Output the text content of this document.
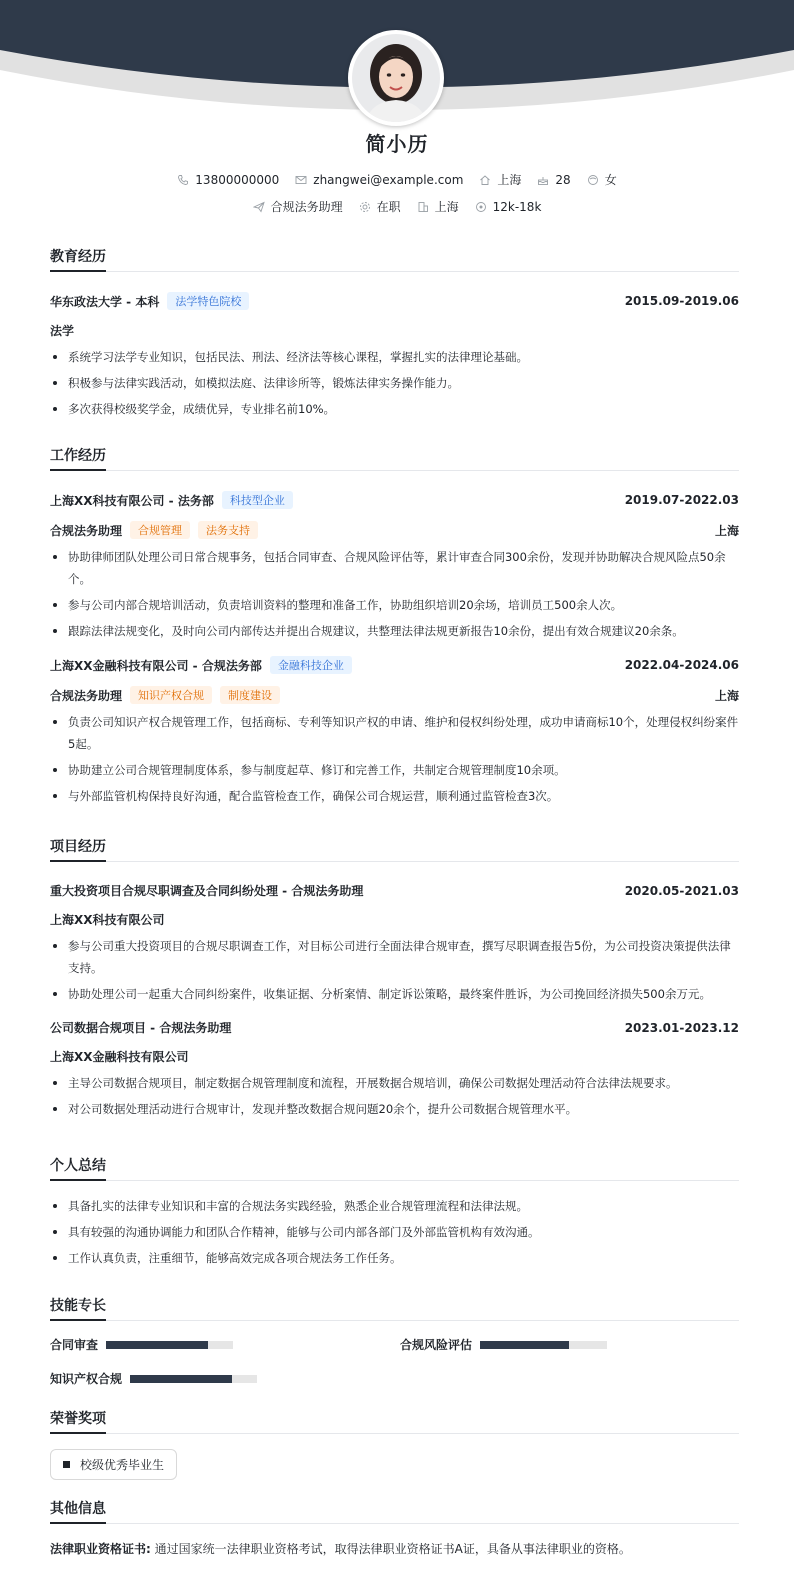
简小历
13800000000	zhangwei@example.com	上海	28	女
合规法务助理	在职	上海	12k-18k
教育经历
华东政法大学 - 本科	法学特色院校	2015.09-2019.06
法学
系统学习法学专业知识，包括民法、刑法、经济法等核心课程，掌握扎实的法律理论基础。
积极参与法律实践活动，如模拟法庭、法律诊所等，锻炼法律实务操作能力。
多次获得校级奖学金，成绩优异，专业排名前10%。
工作经历
上海XX科技有限公司 - 法务部	科技型企业	2019.07-2022.03
合规法务助理	合规管理	法务支持	上海
协助律师团队处理公司日常合规事务，包括合同审查、合规风险评估等，累计审查合同300余份，发现并协助解决合规风险点50余个。
参与公司内部合规培训活动，负责培训资料的整理和准备工作，协助组织培训20余场，培训员工500余人次。
跟踪法律法规变化，及时向公司内部传达并提出合规建议，共整理法律法规更新报告10余份，提出有效合规建议20余条。
上海XX金融科技有限公司 - 合规法务部	金融科技企业	2022.04-2024.06
合规法务助理	知识产权合规	制度建设	上海
负责公司知识产权合规管理工作，包括商标、专利等知识产权的申请、维护和侵权纠纷处理，成功申请商标10个，处理侵权纠纷案件5起。
协助建立公司合规管理制度体系，参与制度起草、修订和完善工作，共制定合规管理制度10余项。
与外部监管机构保持良好沟通，配合监管检查工作，确保公司合规运营，顺利通过监管检查3次。
项目经历
重大投资项目合规尽职调查及合同纠纷处理 - 合规法务助理	2020.05-2021.03
上海XX科技有限公司
参与公司重大投资项目的合规尽职调查工作，对目标公司进行全面法律合规审查，撰写尽职调查报告5份，为公司投资决策提供法律支持。
协助处理公司一起重大合同纠纷案件，收集证据、分析案情、制定诉讼策略，最终案件胜诉，为公司挽回经济损失500余万元。
公司数据合规项目 - 合规法务助理	2023.01-2023.12
上海XX金融科技有限公司
主导公司数据合规项目，制定数据合规管理制度和流程，开展数据合规培训，确保公司数据处理活动符合法律法规要求。
对公司数据处理活动进行合规审计，发现并整改数据合规问题20余个，提升公司数据合规管理水平。
个人总结
具备扎实的法律专业知识和丰富的合规法务实践经验，熟悉企业合规管理流程和法律法规。
具有较强的沟通协调能力和团队合作精神，能够与公司内部各部门及外部监管机构有效沟通。
工作认真负责，注重细节，能够高效完成各项合规法务工作任务。
技能专长
合同审查	合规风险评估
知识产权合规
荣誉奖项
校级优秀毕业生
其他信息
法律职业资格证书: 通过国家统一法律职业资格考试，取得法律职业资格证书A证，具备从事法律职业的资格。
